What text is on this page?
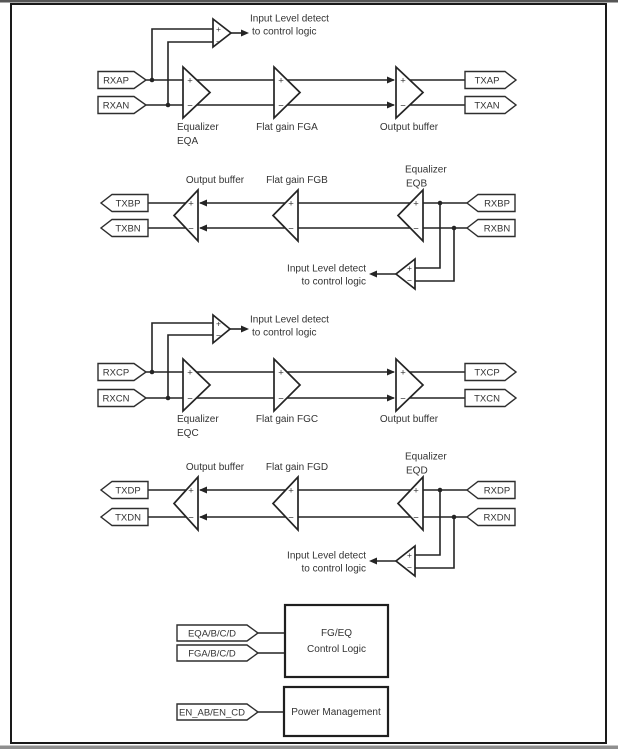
+
−
+
−
+
−
+
−
Input Level detect
to control logic
Equalizer
EQA
Flat gain FGA	Output buffer
RXAP
RXAN
TXAP
TXAN
+
−
+
−
+
−
+
−
Input Level detect
to control logic
Output buffer Flat gain FGB
Equalizer
EQB
TXBP
TXBN
RXBP
RXBN
+
−
+
−
+
−
+
−
Input Level detect
to control logic
Equalizer
EQC
Flat gain FGC	Output buffer
RXCP
RXCN
TXCP
TXCN
+
−
+
−
+
−
+
−
Input Level detect
to control logic
Output buffer Flat gain FGD
Equalizer
EQD
TXDP
TXDN
RXDP
RXDN
EQA/B/C/D
FGA/B/C/D
FG/EQ
Control Logic
EN_AB/EN_CD	Power Management
